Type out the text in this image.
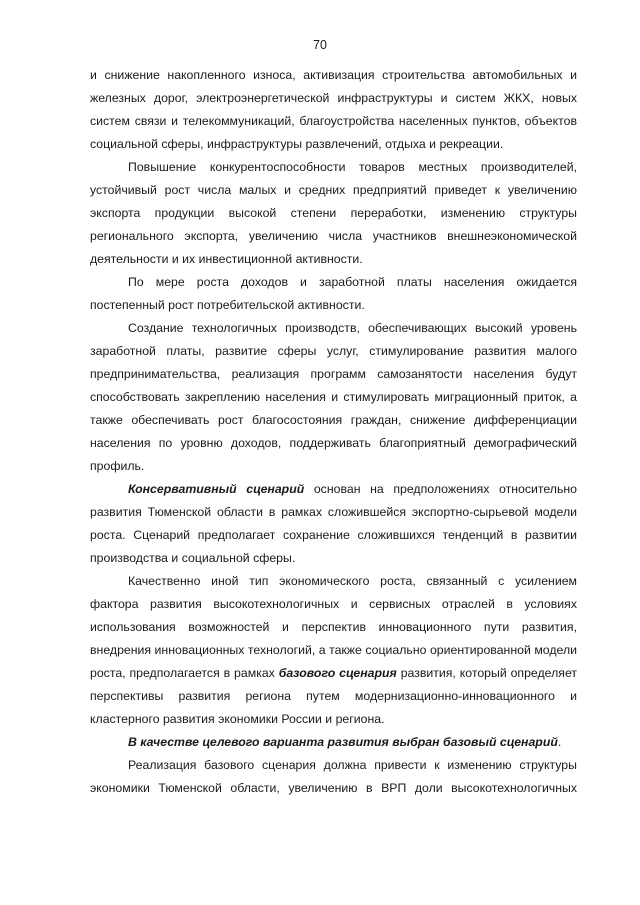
70

и снижение накопленного износа, активизация строительства автомобильных и железных дорог, электроэнергетической инфраструктуры и систем ЖКХ, новых систем связи и телекоммуникаций, благоустройства населенных пунктов, объектов социальной сферы, инфраструктуры развлечений, отдыха и рекреации.

Повышение конкурентоспособности товаров местных производителей, устойчивый рост числа малых и средних предприятий приведет к увеличению экспорта продукции высокой степени переработки, изменению структуры регионального экспорта, увеличению числа участников внешнеэкономической деятельности и их инвестиционной активности.

По мере роста доходов и заработной платы населения ожидается постепенный рост потребительской активности.

Создание технологичных производств, обеспечивающих высокий уровень заработной платы, развитие сферы услуг, стимулирование развития малого предпринимательства, реализация программ самозанятости населения будут способствовать закреплению населения и стимулировать миграционный приток, а также обеспечивать рост благосостояния граждан, снижение дифференциации населения по уровню доходов, поддерживать благоприятный демографический профиль.

Консервативный сценарий основан на предположениях относительно развития Тюменской области в рамках сложившейся экспортно-сырьевой модели роста. Сценарий предполагает сохранение сложившихся тенденций в развитии производства и социальной сферы.

Качественно иной тип экономического роста, связанный с усилением фактора развития высокотехнологичных и сервисных отраслей в условиях использования возможностей и перспектив инновационного пути развития, внедрения инновационных технологий, а также социально ориентированной модели роста, предполагается в рамках базового сценария развития, который определяет перспективы развития региона путем модернизационно-инновационного и кластерного развития экономики России и региона.

В качестве целевого варианта развития выбран базовый сценарий.

Реализация базового сценария должна привести к изменению структуры экономики Тюменской области, увеличению в ВРП доли высокотехнологичных
